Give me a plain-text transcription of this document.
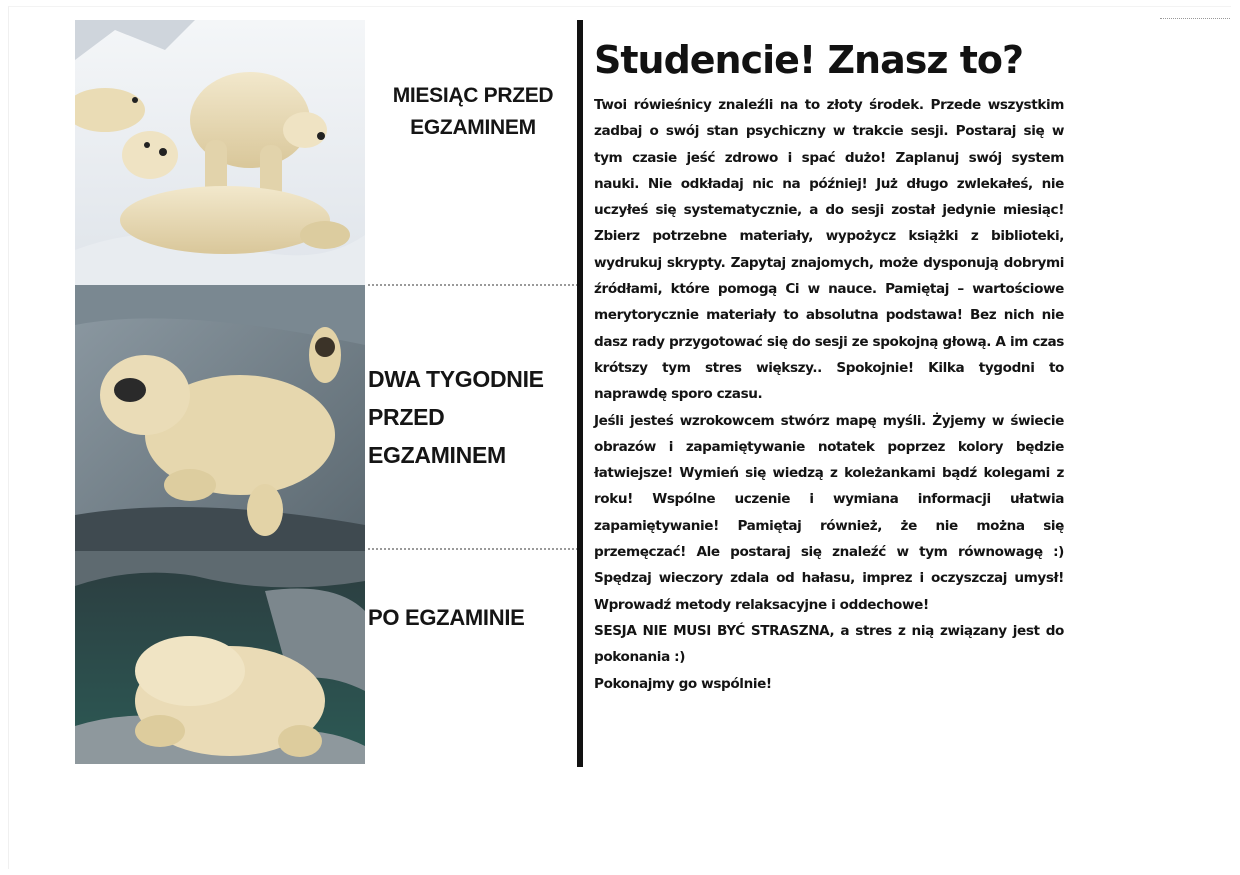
MIESIĄC PRZED EGZAMINEM
DWA TYGODNIE PRZED EGZAMINEM
PO EGZAMINIE
Studencie! Znasz to?

Twoi rówieśnicy znaleźli na to złoty środek. Przede wszystkim zadbaj o swój stan psychiczny w trakcie sesji. Postaraj się w tym czasie jeść zdrowo i spać dużo! Zaplanuj swój system nauki. Nie odkładaj nic na później! Już długo zwlekałeś, nie uczyłeś się systematycznie, a do sesji został jedynie miesiąc! Zbierz potrzebne materiały, wypożycz książki z biblioteki, wydrukuj skrypty. Zapytaj znajomych, może dysponują dobrymi źródłami, które pomogą Ci w nauce. Pamiętaj – wartościowe merytorycznie materiały to absolutna podstawa! Bez nich nie dasz rady przygotować się do sesji ze spokojną głową. A im czas krótszy tym stres większy.. Spokojnie! Kilka tygodni to naprawdę sporo czasu.

Jeśli jesteś wzrokowcem stwórz mapę myśli. Żyjemy w świecie obrazów i zapamiętywanie notatek poprzez kolory będzie łatwiejsze! Wymień się wiedzą z koleżankami bądź kolegami z roku! Wspólne uczenie i wymiana informacji ułatwia zapamiętywanie! Pamiętaj również, że nie można się przemęczać! Ale postaraj się znaleźć w tym równowagę :) Spędzaj wieczory zdala od hałasu, imprez i oczyszczaj umysł! Wprowadź metody relaksacyjne i oddechowe!

SESJA NIE MUSI BYĆ STRASZNA, a stres z nią związany jest do pokonania :)

Pokonajmy go wspólnie!
